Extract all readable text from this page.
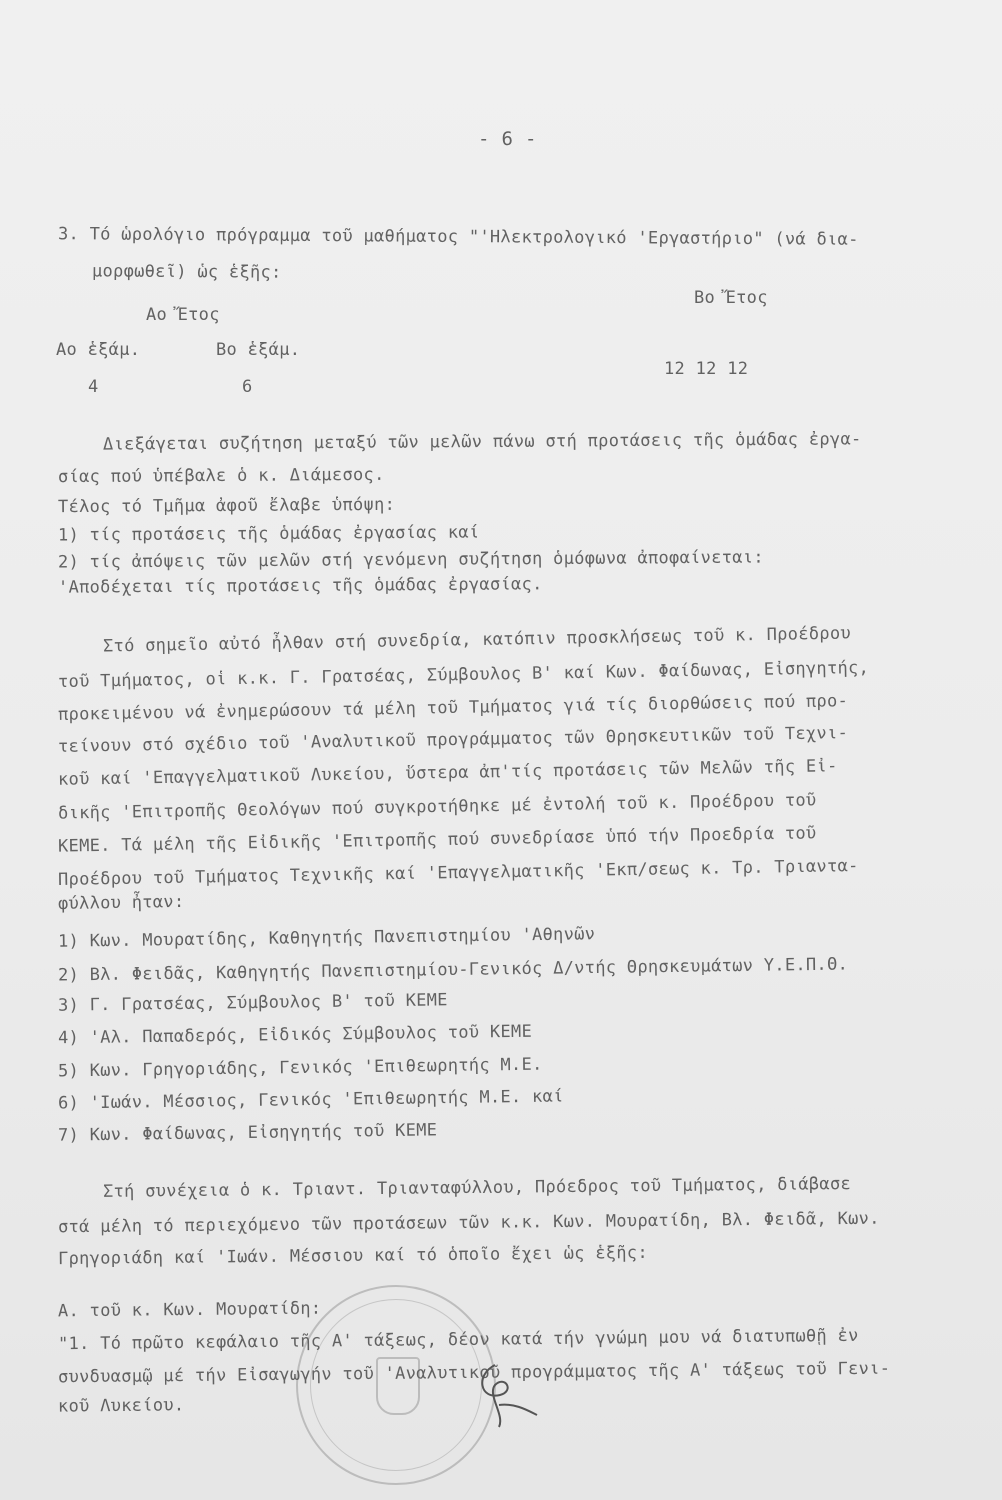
- 6 -
3. Τό ὡρολόγιο πρόγραμμα τοῦ μαθήματος "'Ηλεκτρολογικό 'Εργαστήριο" (νά δια-
μορφωθεῖ) ὡς ἑξῆς:
Βο Ἔτος
Αο Ἔτος
Αο ἑξάμ.	Βο ἑξάμ.
4	6
12 12 12
Διεξάγεται συζήτηση μεταξύ τῶν μελῶν πάνω στή προτάσεις τῆς ὁμάδας ἐργα-
σίας πού ὑπέβαλε ὁ κ. Διάμεσος.
Τέλος τό Τμῆμα ἀφοῦ ἔλαβε ὑπόψη:
1) τίς προτάσεις τῆς ὁμάδας ἐργασίας καί
2) τίς ἀπόψεις τῶν μελῶν στή γενόμενη συζήτηση ὁμόφωνα ἀποφαίνεται:
'Αποδέχεται τίς προτάσεις τῆς ὁμάδας ἐργασίας.
Στό σημεῖο αὐτό ἦλθαν στή συνεδρία, κατόπιν προσκλήσεως τοῦ κ. Προέδρου
τοῦ Τμήματος, οἱ κ.κ. Γ. Γρατσέας, Σύμβουλος Β' καί Κων. Φαίδωνας, Εἰσηγητής,
προκειμένου νά ἐνημερώσουν τά μέλη τοῦ Τμήματος γιά τίς διορθώσεις πού προ-
τείνουν στό σχέδιο τοῦ 'Αναλυτικοῦ προγράμματος τῶν Θρησκευτικῶν τοῦ Τεχνι-
κοῦ καί 'Επαγγελματικοῦ Λυκείου, ὕστερα ἀπ'τίς προτάσεις τῶν Μελῶν τῆς Εἰ-
δικῆς 'Επιτροπῆς Θεολόγων πού συγκροτήθηκε μέ ἐντολή τοῦ κ. Προέδρου τοῦ
ΚΕΜΕ. Τά μέλη τῆς Εἰδικῆς 'Επιτροπῆς πού συνεδρίασε ὑπό τήν Προεδρία τοῦ
Προέδρου τοῦ Τμήματος Τεχνικῆς καί 'Επαγγελματικῆς 'Εκπ/σεως κ. Τρ. Τριαντα-
φύλλου ἦταν:
1) Κων. Μουρατίδης, Καθηγητής Πανεπιστημίου 'Αθηνῶν
2) Βλ. Φειδᾶς, Καθηγητής Πανεπιστημίου-Γενικός Δ/ντής Θρησκευμάτων Υ.Ε.Π.Θ.
3) Γ. Γρατσέας, Σύμβουλος Β' τοῦ ΚΕΜΕ
4) 'Αλ. Παπαδερός, Εἰδικός Σύμβουλος τοῦ ΚΕΜΕ
5) Κων. Γρηγοριάδης, Γενικός 'Επιθεωρητής Μ.Ε.
6) 'Ιωάν. Μέσσιος, Γενικός 'Επιθεωρητής Μ.Ε. καί
7) Κων. Φαίδωνας, Εἰσηγητής τοῦ ΚΕΜΕ
Στή συνέχεια ὁ κ. Τριαντ. Τριανταφύλλου, Πρόεδρος τοῦ Τμήματος, διάβασε
στά μέλη τό περιεχόμενο τῶν προτάσεων τῶν κ.κ. Κων. Μουρατίδη, Βλ. Φειδᾶ, Κων.
Γρηγοριάδη καί 'Ιωάν. Μέσσιου καί τό ὁποῖο ἔχει ὡς ἑξῆς:
Α. τοῦ κ. Κων. Μουρατίδη:
"1. Τό πρῶτο κεφάλαιο τῆς Α' τάξεως, δέον κατά τήν γνώμη μου νά διατυπωθῇ ἐν
συνδυασμῷ μέ τήν Εἰσαγωγήν τοῦ 'Αναλυτικοῦ προγράμματος τῆς Α' τάξεως τοῦ Γενι-
κοῦ Λυκείου.
